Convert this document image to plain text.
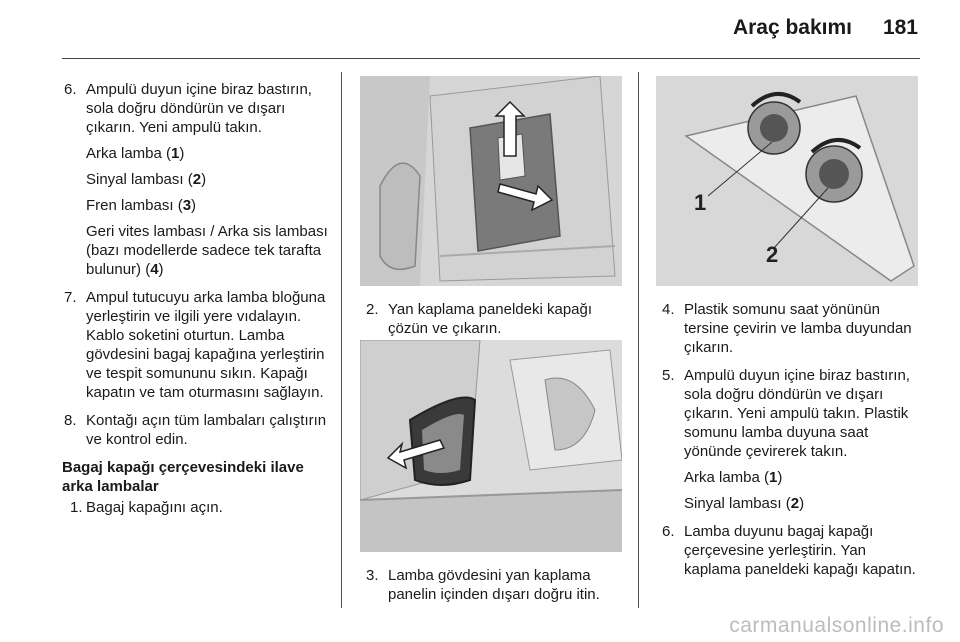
Araç bakımı 181
6. Ampulü duyun içine biraz bastırın, sola doğru döndürün ve dışarı çıkarın. Yeni ampulü takın.

Arka lamba (1)

Sinyal lambası (2)

Fren lambası (3)

Geri vites lambası / Arka sis lambası (bazı modellerde sadece tek tarafta bulunur) (4)

7. Ampul tutucuyu arka lamba bloğuna yerleştirin ve ilgili yere vıdalayın. Kablo soketini oturtun. Lamba gövdesini bagaj kapağına yerleştirin ve tespit somununu sıkın. Kapağı kapatın ve tam oturmasını sağlayın.
8. Kontağı açın tüm lambaları çalıştırın ve kontrol edin.
Bagaj kapağı çerçevesindeki ilave arka lambalar
1. Bagaj kapağını açın.
2. Yan kaplama paneldeki kapağı çözün ve çıkarın.
3. Lamba gövdesini yan kaplama panelin içinden dışarı doğru itin.
1
2
4. Plastik somunu saat yönünün tersine çevirin ve lamba duyundan çıkarın.
5. Ampulü duyun içine biraz bastırın, sola doğru döndürün ve dışarı çıkarın. Yeni ampulü takın. Plastik somunu lamba duyuna saat yönünde çevirerek takın.

Arka lamba (1)

Sinyal lambası (2)

6. Lamba duyunu bagaj kapağı çerçevesine yerleştirin. Yan kaplama paneldeki kapağı kapatın.
carmanualsonline.info
